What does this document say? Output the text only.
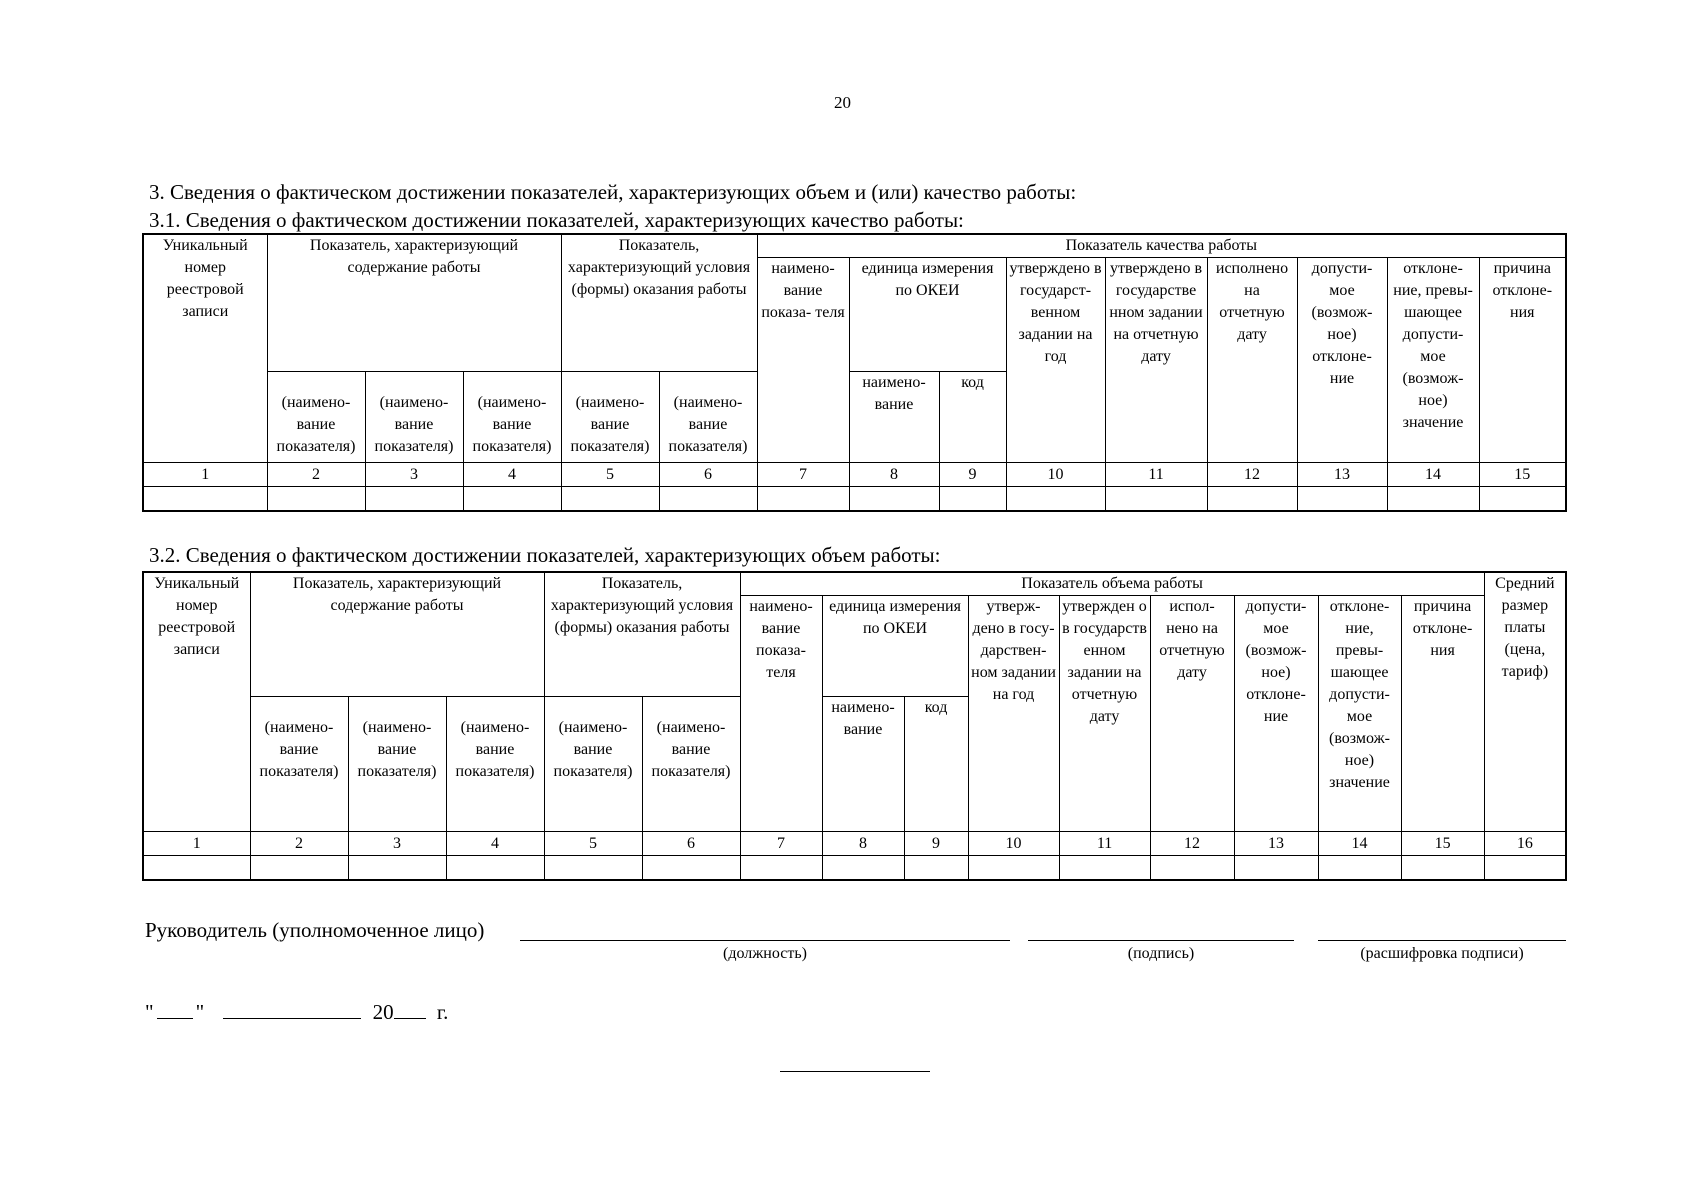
20
3. Сведения о фактическом достижении показателей, характеризующих объем и (или) качество работы:
3.1. Сведения о фактическом достижении показателей, характеризующих качество работы:
Уникальный номер реестровой записи	Показатель, характеризующий содержание работы			Показатель, характеризующий условия (формы) оказания работы		Показатель качества работы								
						наимено- вание показа- теля	единица измерения по ОКЕИ		утверждено в государст- венном задании на год	утверждено в государстве нном задании на отчетную дату	исполнено на отчетную дату	допусти- мое (возмож- ное) отклоне- ние	отклоне- ние, превы- шающее допусти- мое (возмож- ное) значение	причина отклоне- ния
	(наимено- вание показателя)	(наимено- вание показателя)	(наимено- вание показателя)	(наимено- вание показателя)	(наимено- вание показателя)		наимено- вание	код						

1	2	3	4	5	6	7	8	9	10	11	12	13	14	15

3.2. Сведения о фактическом достижении показателей, характеризующих объем работы:
Уникальный номер реестровой записи	Показатель, характеризующий содержание работы			Показатель, характеризующий условия (формы) оказания работы		Показатель объема работы									Средний размер платы (цена, тариф)
						наимено- вание показа- теля	единица измерения по ОКЕИ		утверж- дено в госу- дарствен- ном задании на год	утвержден о в государств енном задании на отчетную дату	испол- нено на отчетную дату	допусти- мое (возмож- ное) отклоне- ние	отклоне- ние, превы- шающее допусти- мое (возмож- ное) значение	причина отклоне- ния	
	(наимено- вание показателя)	(наимено- вание показателя)	(наимено- вание показателя)	(наимено- вание показателя)	(наимено- вание показателя)		наимено- вание	код							

1	2	3	4	5	6	7	8	9	10	11	12	13	14	15	16

Руководитель (уполномоченное лицо)
(должность)	(подпись)	(расшифровка подписи)
" "	20 г.
